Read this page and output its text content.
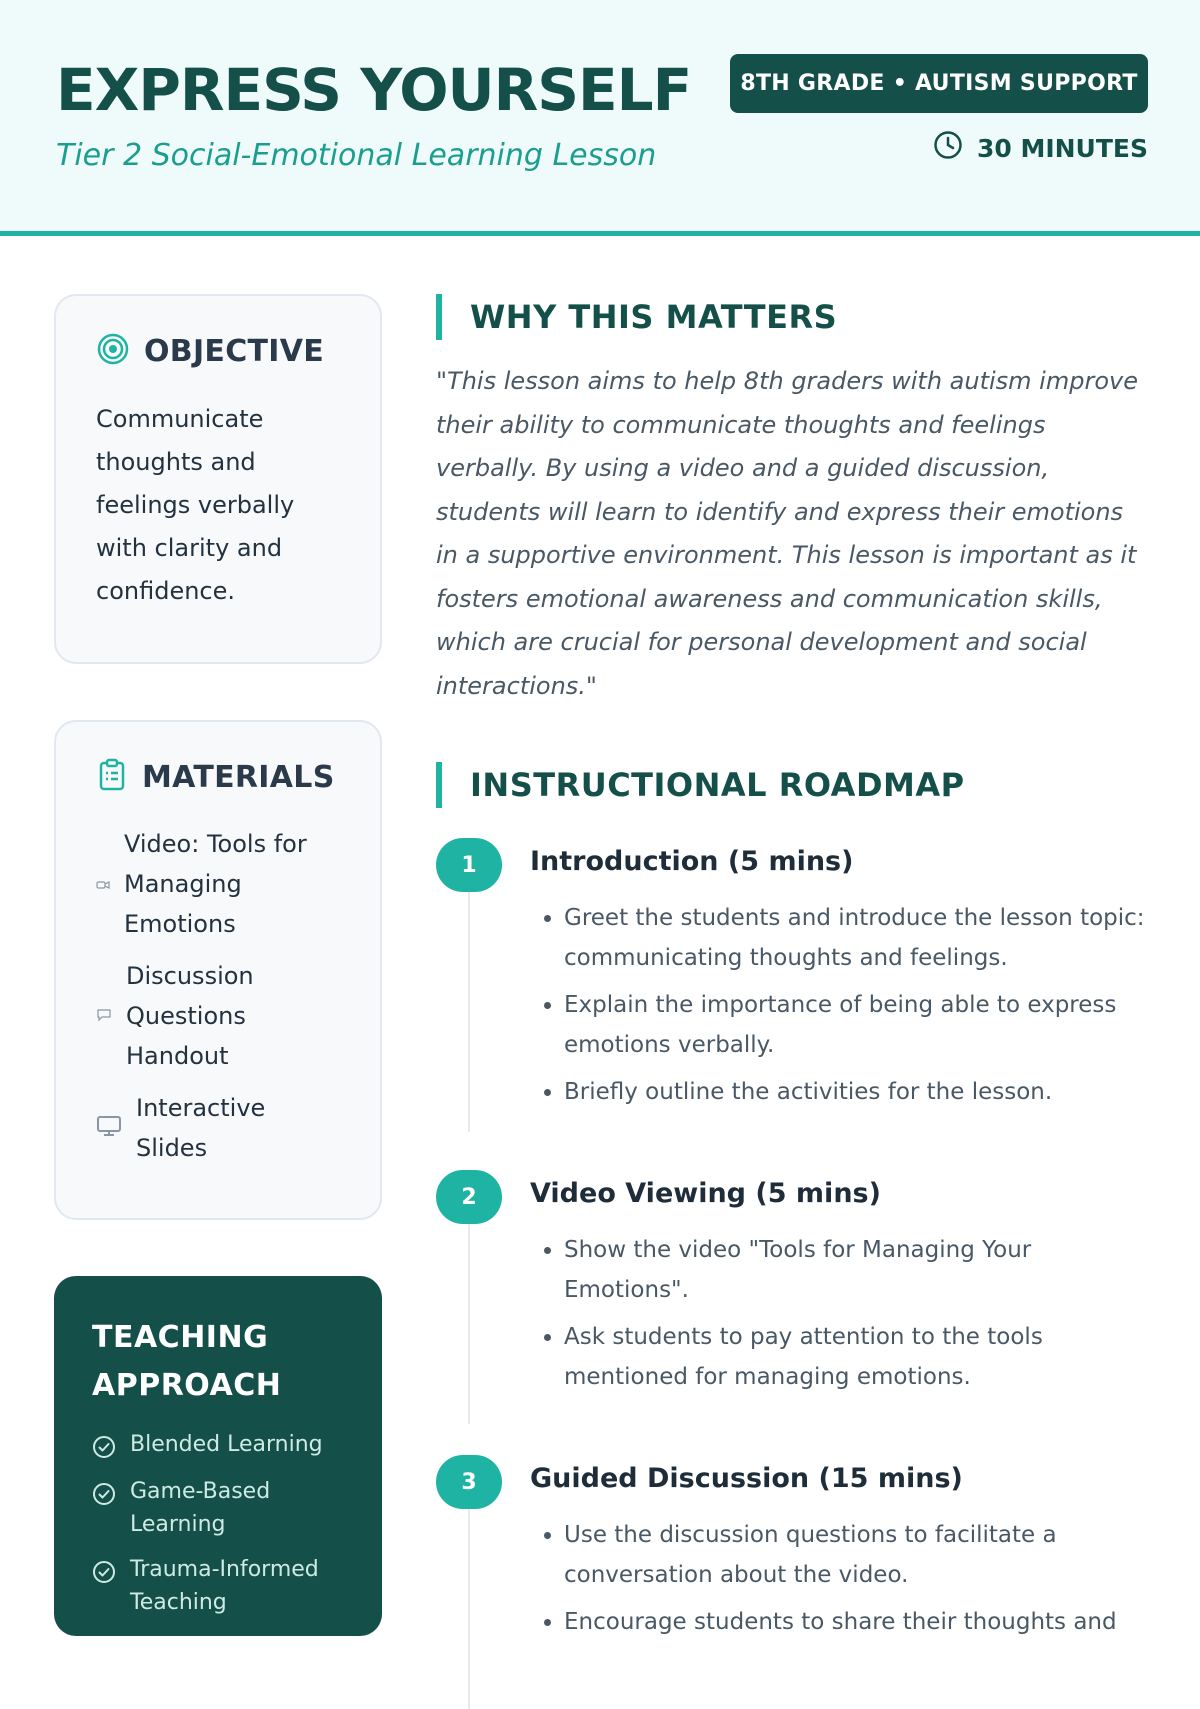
EXPRESS YOURSELF

Tier 2 Social-Emotional Learning Lesson

8TH GRADE • AUTISM SUPPORT
30 MINUTES
OBJECTIVE

Communicate thoughts and feelings verbally with clarity and confidence.

MATERIALS
Video: Tools for Managing Emotions
Discussion Questions Handout
Interactive Slides
TEACHING APPROACH
Blended Learning
Game-Based Learning
Trauma-Informed Teaching
WHY THIS MATTERS

"This lesson aims to help 8th graders with autism improve their ability to communicate thoughts and feelings verbally. By using a video and a guided discussion, students will learn to identify and express their emotions in a supportive environment. This lesson is important as it fosters emotional awareness and communication skills, which are crucial for personal development and social interactions."

INSTRUCTIONAL ROADMAP
1	Introduction (5 mins)
• Greet the students and introduce the lesson topic: communicating thoughts and feelings.
• Explain the importance of being able to express emotions verbally.
• Briefly outline the activities for the lesson.
2	Video Viewing (5 mins)
• Show the video "Tools for Managing Your Emotions".
• Ask students to pay attention to the tools mentioned for managing emotions.
3	Guided Discussion (15 mins)
• Use the discussion questions to facilitate a conversation about the video.
• Encourage students to share their thoughts and
